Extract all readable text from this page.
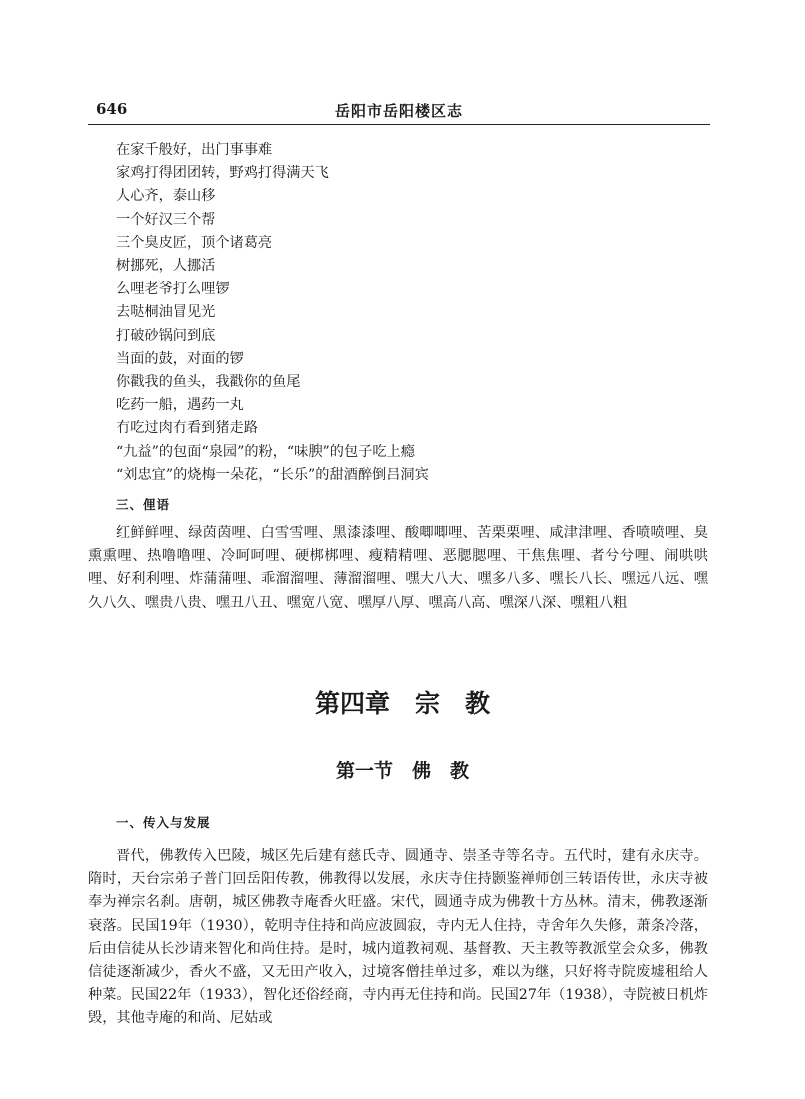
646	岳阳市岳阳楼区志
在家千般好，出门事事难
家鸡打得团团转，野鸡打得满天飞
人心齐，泰山移
一个好汉三个帮
三个臭皮匠，顶个诸葛亮
树挪死，人挪活
么哩老爷打么哩锣
去哒桐油冒见光
打破砂锅问到底
当面的鼓，对面的锣
你戳我的鱼头，我戳你的鱼尾
吃药一船，遇药一丸
冇吃过肉冇看到猪走路
“九益”的包面“泉园”的粉，“味腴”的包子吃上瘾
“刘忠宜”的烧梅一朵花，“长乐”的甜酒醉倒吕洞宾
三、俚语

红鲜鲜哩、绿茵茵哩、白雪雪哩、黑漆漆哩、酸唧唧哩、苦栗栗哩、咸津津哩、香喷喷哩、臭熏熏哩、热噜噜哩、冷呵呵哩、硬梆梆哩、瘦精精哩、恶腮腮哩、干焦焦哩、者兮兮哩、闹哄哄哩、好利利哩、炸蒲蒲哩、乖溜溜哩、薄溜溜哩、嘿大八大、嘿多八多、嘿长八长、嘿远八远、嘿久八久、嘿贵八贵、嘿丑八丑、嘿宽八宽、嘿厚八厚、嘿高八高、嘿深八深、嘿粗八粗

第四章　宗　教
第一节　佛　教
一、传入与发展

晋代，佛教传入巴陵，城区先后建有慈氏寺、圆通寺、崇圣寺等名寺。五代时，建有永庆寺。隋时，天台宗弟子普门回岳阳传教，佛教得以发展，永庆寺住持颢鉴禅师创三转语传世，永庆寺被奉为禅宗名刹。唐朝，城区佛教寺庵香火旺盛。宋代，圆通寺成为佛教十方丛林。清末，佛教逐渐衰落。民国19年（1930），乾明寺住持和尚应波圆寂，寺内无人住持，寺舍年久失修，萧条冷落，后由信徒从长沙请来智化和尚住持。是时，城内道教祠观、基督教、天主教等教派堂会众多，佛教信徒逐渐减少，香火不盛，又无田产收入，过境客僧挂单过多，难以为继，只好将寺院废墟租给人种菜。民国22年（1933），智化还俗经商，寺内再无住持和尚。民国27年（1938），寺院被日机炸毁，其他寺庵的和尚、尼姑或
